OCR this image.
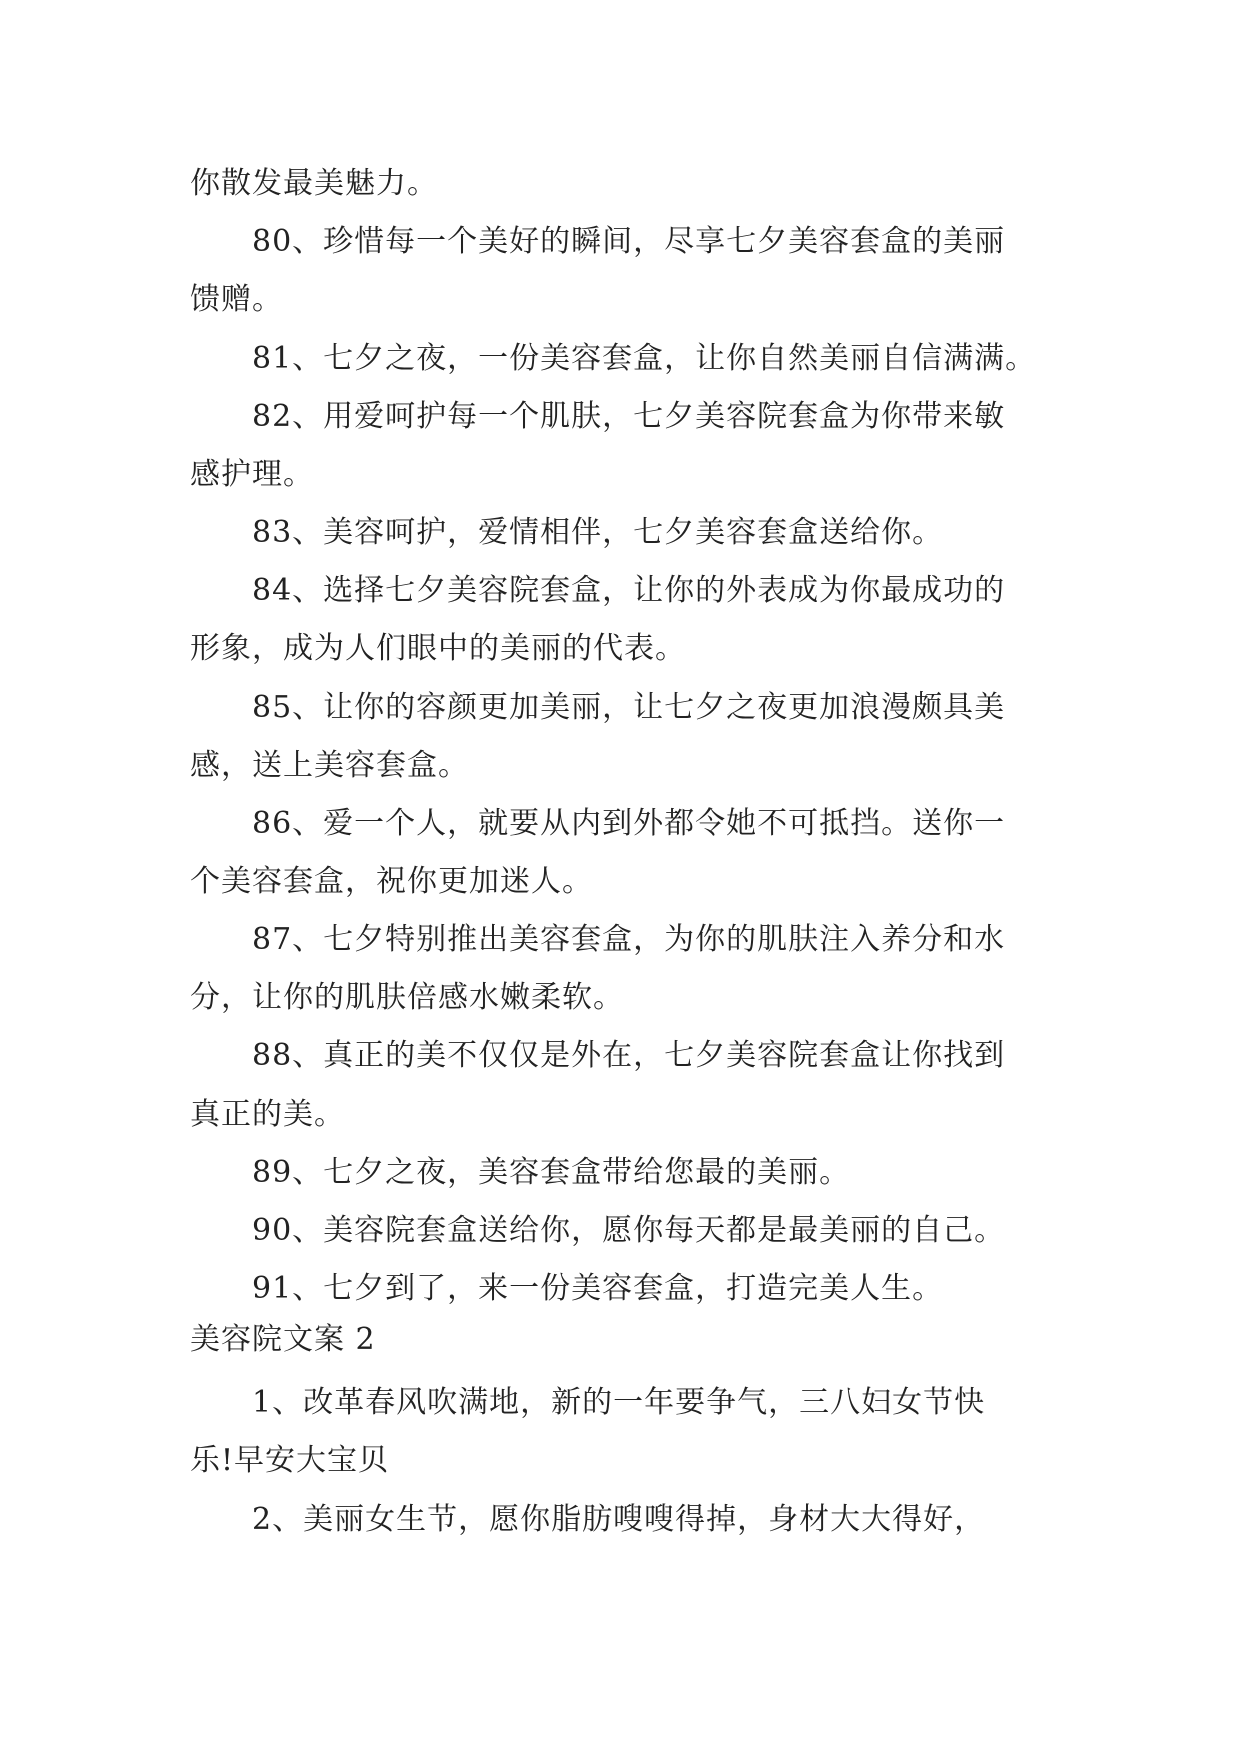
你散发最美魅力。
80、珍惜每一个美好的瞬间，尽享七夕美容套盒的美丽
馈赠。
81、七夕之夜，一份美容套盒，让你自然美丽自信满满。
82、用爱呵护每一个肌肤，七夕美容院套盒为你带来敏
感护理。
83、美容呵护，爱情相伴，七夕美容套盒送给你。
84、选择七夕美容院套盒，让你的外表成为你最成功的
形象，成为人们眼中的美丽的代表。
85、让你的容颜更加美丽，让七夕之夜更加浪漫颇具美
感，送上美容套盒。
86、爱一个人，就要从内到外都令她不可抵挡。送你一
个美容套盒，祝你更加迷人。
87、七夕特别推出美容套盒，为你的肌肤注入养分和水
分，让你的肌肤倍感水嫩柔软。
88、真正的美不仅仅是外在，七夕美容院套盒让你找到
真正的美。
89、七夕之夜，美容套盒带给您最的美丽。
90、美容院套盒送给你，愿你每天都是最美丽的自己。
91、七夕到了，来一份美容套盒，打造完美人生。
美容院文案 2
1、改革春风吹满地，新的一年要争气，三八妇女节快
乐!早安大宝贝
2、美丽女生节，愿你脂肪嗖嗖得掉，身材大大得好，
